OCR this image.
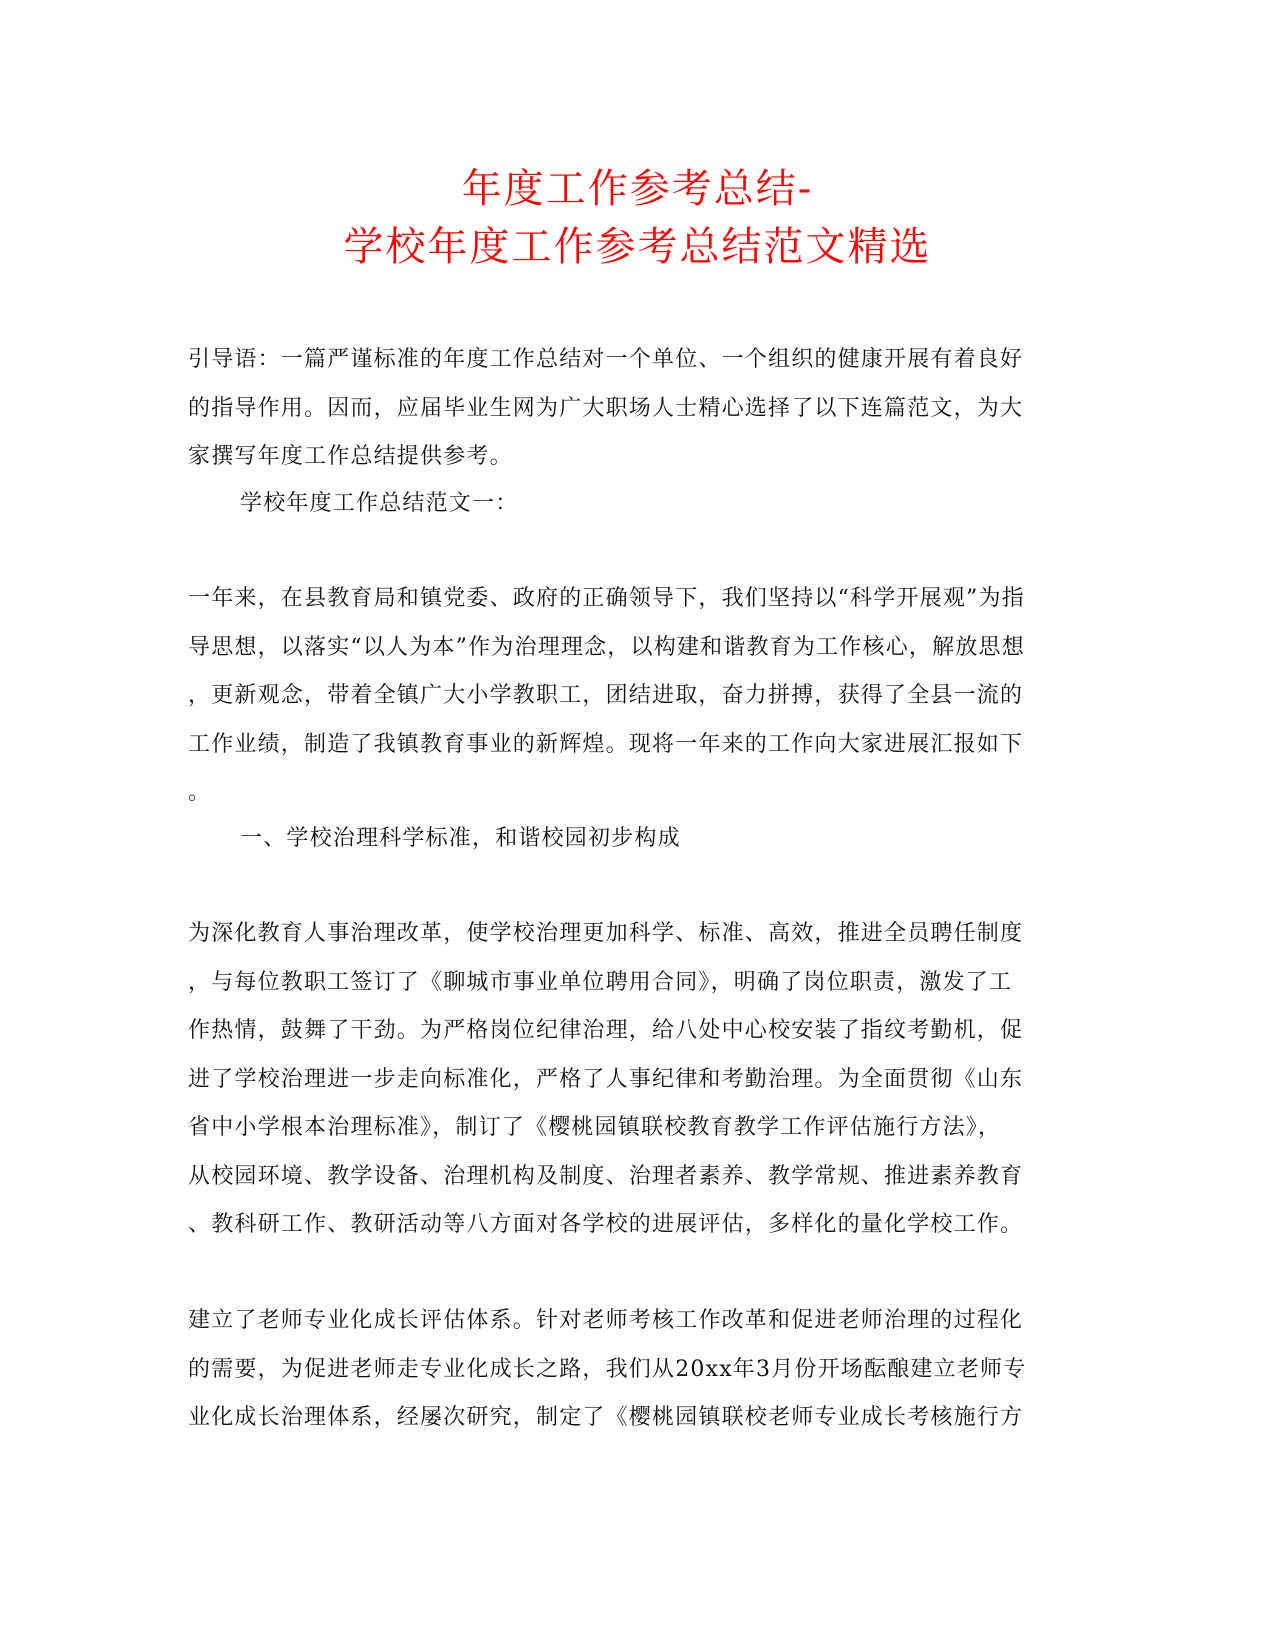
年度工作参考总结-
学校年度工作参考总结范文精选
引导语：一篇严谨标准的年度工作总结对一个单位、一个组织的健康开展有着良好
的指导作用。因而，应届毕业生网为广大职场人士精心选择了以下连篇范文，为大
家撰写年度工作总结提供参考。
学校年度工作总结范文一：
一年来，在县教育局和镇党委、政府的正确领导下，我们坚持以“科学开展观”为指
导思想，以落实“以人为本”作为治理理念，以构建和谐教育为工作核心，解放思想
，更新观念，带着全镇广大小学教职工，团结进取，奋力拼搏，获得了全县一流的
工作业绩，制造了我镇教育事业的新辉煌。现将一年来的工作向大家进展汇报如下
。
一、学校治理科学标准，和谐校园初步构成
为深化教育人事治理改革，使学校治理更加科学、标准、高效，推进全员聘任制度
，与每位教职工签订了《聊城市事业单位聘用合同》，明确了岗位职责，激发了工
作热情，鼓舞了干劲。为严格岗位纪律治理，给八处中心校安装了指纹考勤机，促
进了学校治理进一步走向标准化，严格了人事纪律和考勤治理。为全面贯彻《山东
省中小学根本治理标准》，制订了《樱桃园镇联校教育教学工作评估施行方法》，
从校园环境、教学设备、治理机构及制度、治理者素养、教学常规、推进素养教育
、教科研工作、教研活动等八方面对各学校的进展评估，多样化的量化学校工作。
建立了老师专业化成长评估体系。针对老师考核工作改革和促进老师治理的过程化
的需要，为促进老师走专业化成长之路，我们从20xx年3月份开场酝酿建立老师专
业化成长治理体系，经屡次研究，制定了《樱桃园镇联校老师专业成长考核施行方
